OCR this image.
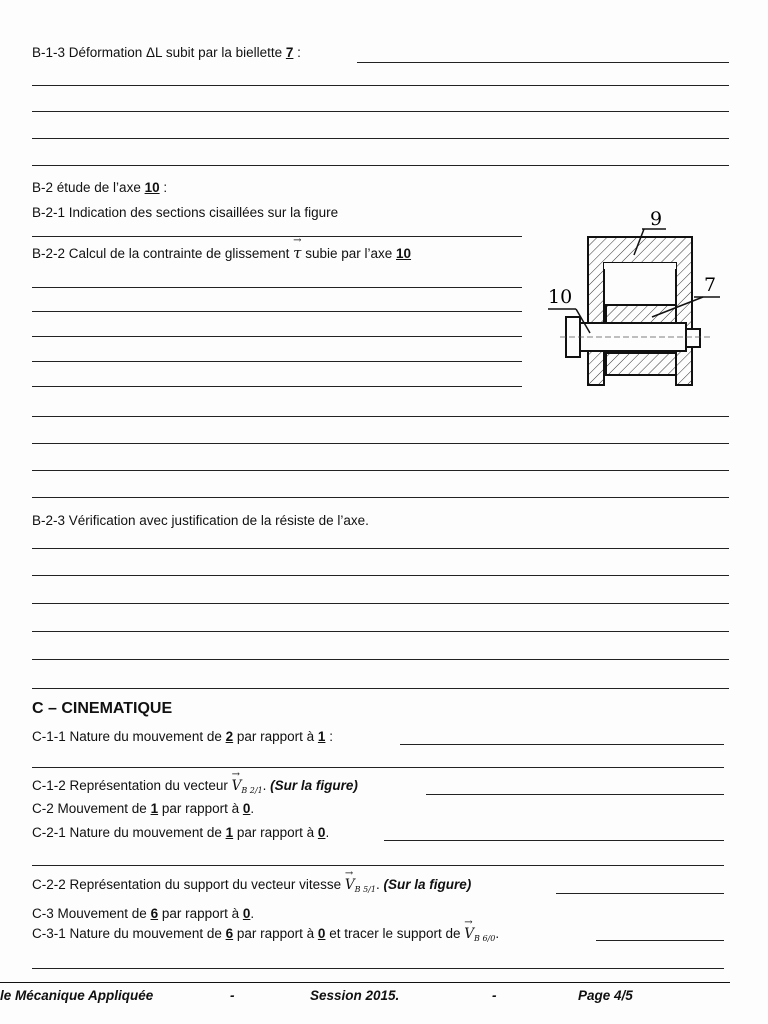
B-1-3 Déformation ΔL subit par la biellette 7 :
B-2 étude de l’axe 10 :
B-2-1 Indication des sections cisaillées sur la figure
B-2-2 Calcul de la contrainte de glissement → τ subie par l’axe 10
9
7
10
B-2-3 Vérification avec justification de la résiste de l’axe.
C – CINEMATIQUE
C-1-1 Nature du mouvement de 2 par rapport à 1 :
C-1-2 Représentation du vecteur → $V_{B 2/1}$. (Sur la figure)
C-2 Mouvement de 1 par rapport à 0.
C-2-1 Nature du mouvement de 1 par rapport à 0.
C-2-2 Représentation du support du vecteur vitesse → $V_{B 5/1}$. (Sur la figure)
C-3 Mouvement de 6 par rapport à 0.
C-3-1 Nature du mouvement de 6 par rapport à 0 et tracer le support de → $V_{B 6/0}$.
le Mécanique Appliquée	-	Session 2015.	-	Page 4/5
